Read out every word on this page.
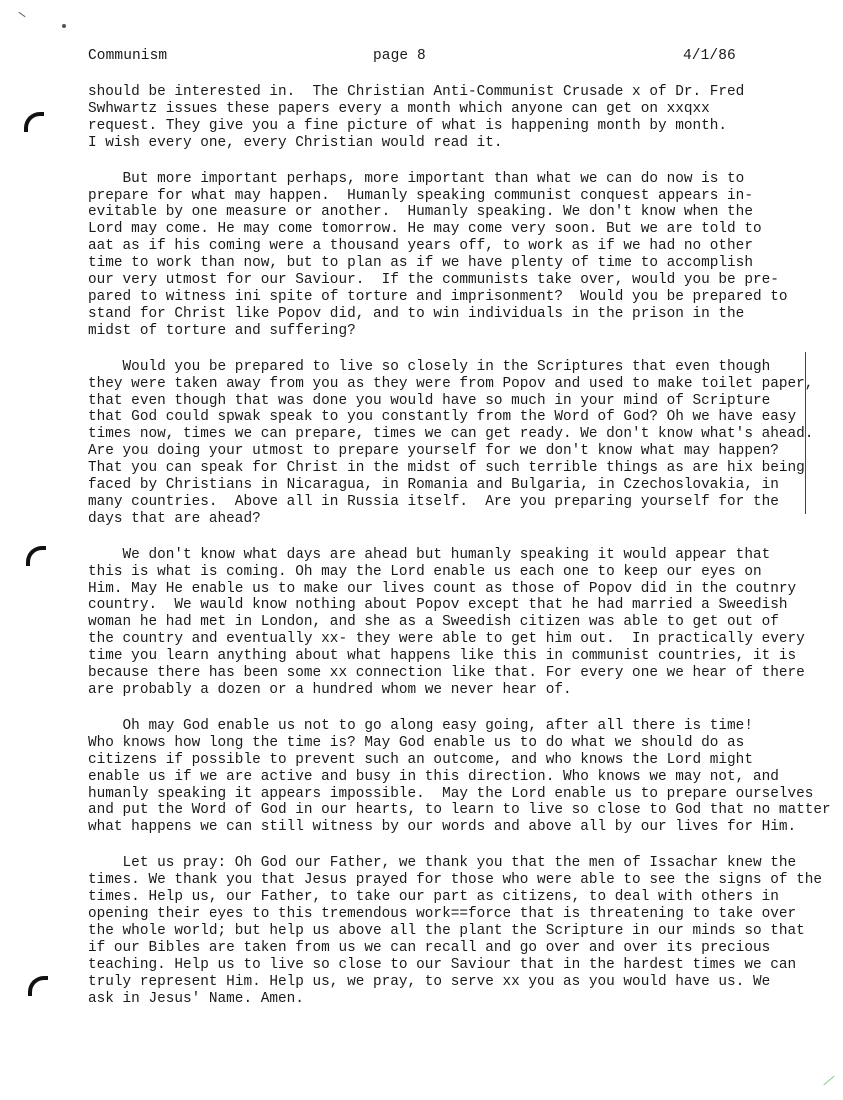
Communism	page 8	4/1/86

should be interested in.  The Christian Anti-Communist Crusade x of Dr. Fred
Swhwartz issues these papers every a month which anyone can get on xxqxx
request. They give you a fine picture of what is happening month by month.
I wish every one, every Christian would read it.

But more important perhaps, more important than what we can do now is to
prepare for what may happen.  Humanly speaking communist conquest appears in-
evitable by one measure or another.  Humanly speaking. We don't know when the
Lord may come. He may come tomorrow. He may come very soon. But we are told to
aat as if his coming were a thousand years off, to work as if we had no other
time to work than now, but to plan as if we have plenty of time to accomplish
our very utmost for our Saviour.  If the communists take over, would you be pre-
pared to witness ini spite of torture and imprisonment?  Would you be prepared to
stand for Christ like Popov did, and to win individuals in the prison in the
midst of torture and suffering?

Would you be prepared to live so closely in the Scriptures that even though
they were taken away from you as they were from Popov and used to make toilet paper,
that even though that was done you would have so much in your mind of Scripture
that God could spwak speak to you constantly from the Word of God? Oh we have easy
times now, times we can prepare, times we can get ready. We don't know what's ahead.
Are you doing your utmost to prepare yourself for we don't know what may happen?
That you can speak for Christ in the midst of such terrible things as are hix being
faced by Christians in Nicaragua, in Romania and Bulgaria, in Czechoslovakia, in
many countries.  Above all in Russia itself.  Are you preparing yourself for the
days that are ahead?

We don't know what days are ahead but humanly speaking it would appear that
this is what is coming. Oh may the Lord enable us each one to keep our eyes on
Him. May He enable us to make our lives count as those of Popov did in the coutnry
country.  We wauld know nothing about Popov except that he had married a Sweedish
woman he had met in London, and she as a Sweedish citizen was able to get out of
the country and eventually xx- they were able to get him out.  In practically every
time you learn anything about what happens like this in communist countries, it is
because there has been some xx connection like that. For every one we hear of there
are probably a dozen or a hundred whom we never hear of.

Oh may God enable us not to go along easy going, after all there is time!
Who knows how long the time is? May God enable us to do what we should do as
citizens if possible to prevent such an outcome, and who knows the Lord might
enable us if we are active and busy in this direction. Who knows we may not, and
humanly speaking it appears impossible.  May the Lord enable us to prepare ourselves
and put the Word of God in our hearts, to learn to live so close to God that no matter
what happens we can still witness by our words and above all by our lives for Him.

Let us pray: Oh God our Father, we thank you that the men of Issachar knew the
times. We thank you that Jesus prayed for those who were able to see the signs of the
times. Help us, our Father, to take our part as citizens, to deal with others in
opening their eyes to this tremendous work==force that is threatening to take over
the whole world; but help us above all the plant the Scripture in our minds so that
if our Bibles are taken from us we can recall and go over and over its precious
teaching. Help us to live so close to our Saviour that in the hardest times we can
truly represent Him. Help us, we pray, to serve xx you as you would have us. We
ask in Jesus' Name. Amen.
